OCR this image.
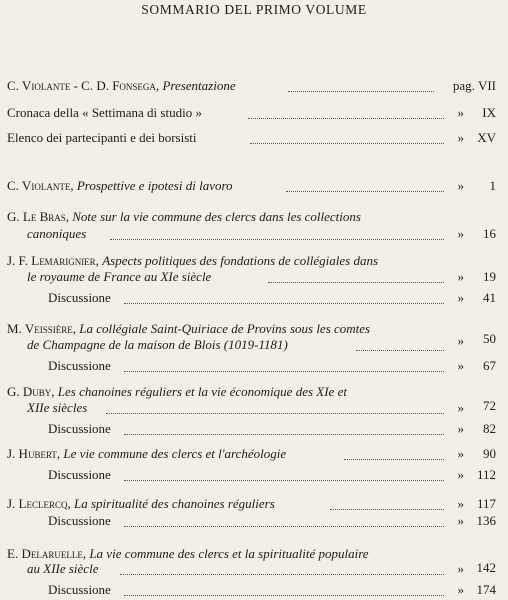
SOMMARIO DEL PRIMO VOLUME
C. Violante - C. D. Fonsega, Presentazione	pag. VII
Cronaca della « Settimana di studio »	» IX
Elenco dei partecipanti e dei borsisti	» XV
C. Violante, Prospettive e ipotesi di lavoro	» 1
G. Le Bras, Note sur la vie commune des clercs dans les collections
canoniques	» 16
J. F. Lemarignier, Aspects politiques des fondations de collégiales dans
le royaume de France au XIe siècle	» 19
Discussione	» 41
M. Veissière, La collégiale Saint-Quiriace de Provins sous les comtes
de Champagne de la maison de Blois (1019-1181)	» 50
Discussione	» 67
G. Duby, Les chanoines réguliers et la vie économique des XIe et
XIIe siècles	» 72
Discussione	» 82
J. Hubert, Le vie commune des clercs et l'archéologie	» 90
Discussione	» 112
J. Leclercq, La spiritualité des chanoines réguliers	» 117
Discussione	» 136
E. Delaruelle, La vie commune des clercs et la spiritualité populaire
au XIIe siècle	» 142
Discussione	» 174
